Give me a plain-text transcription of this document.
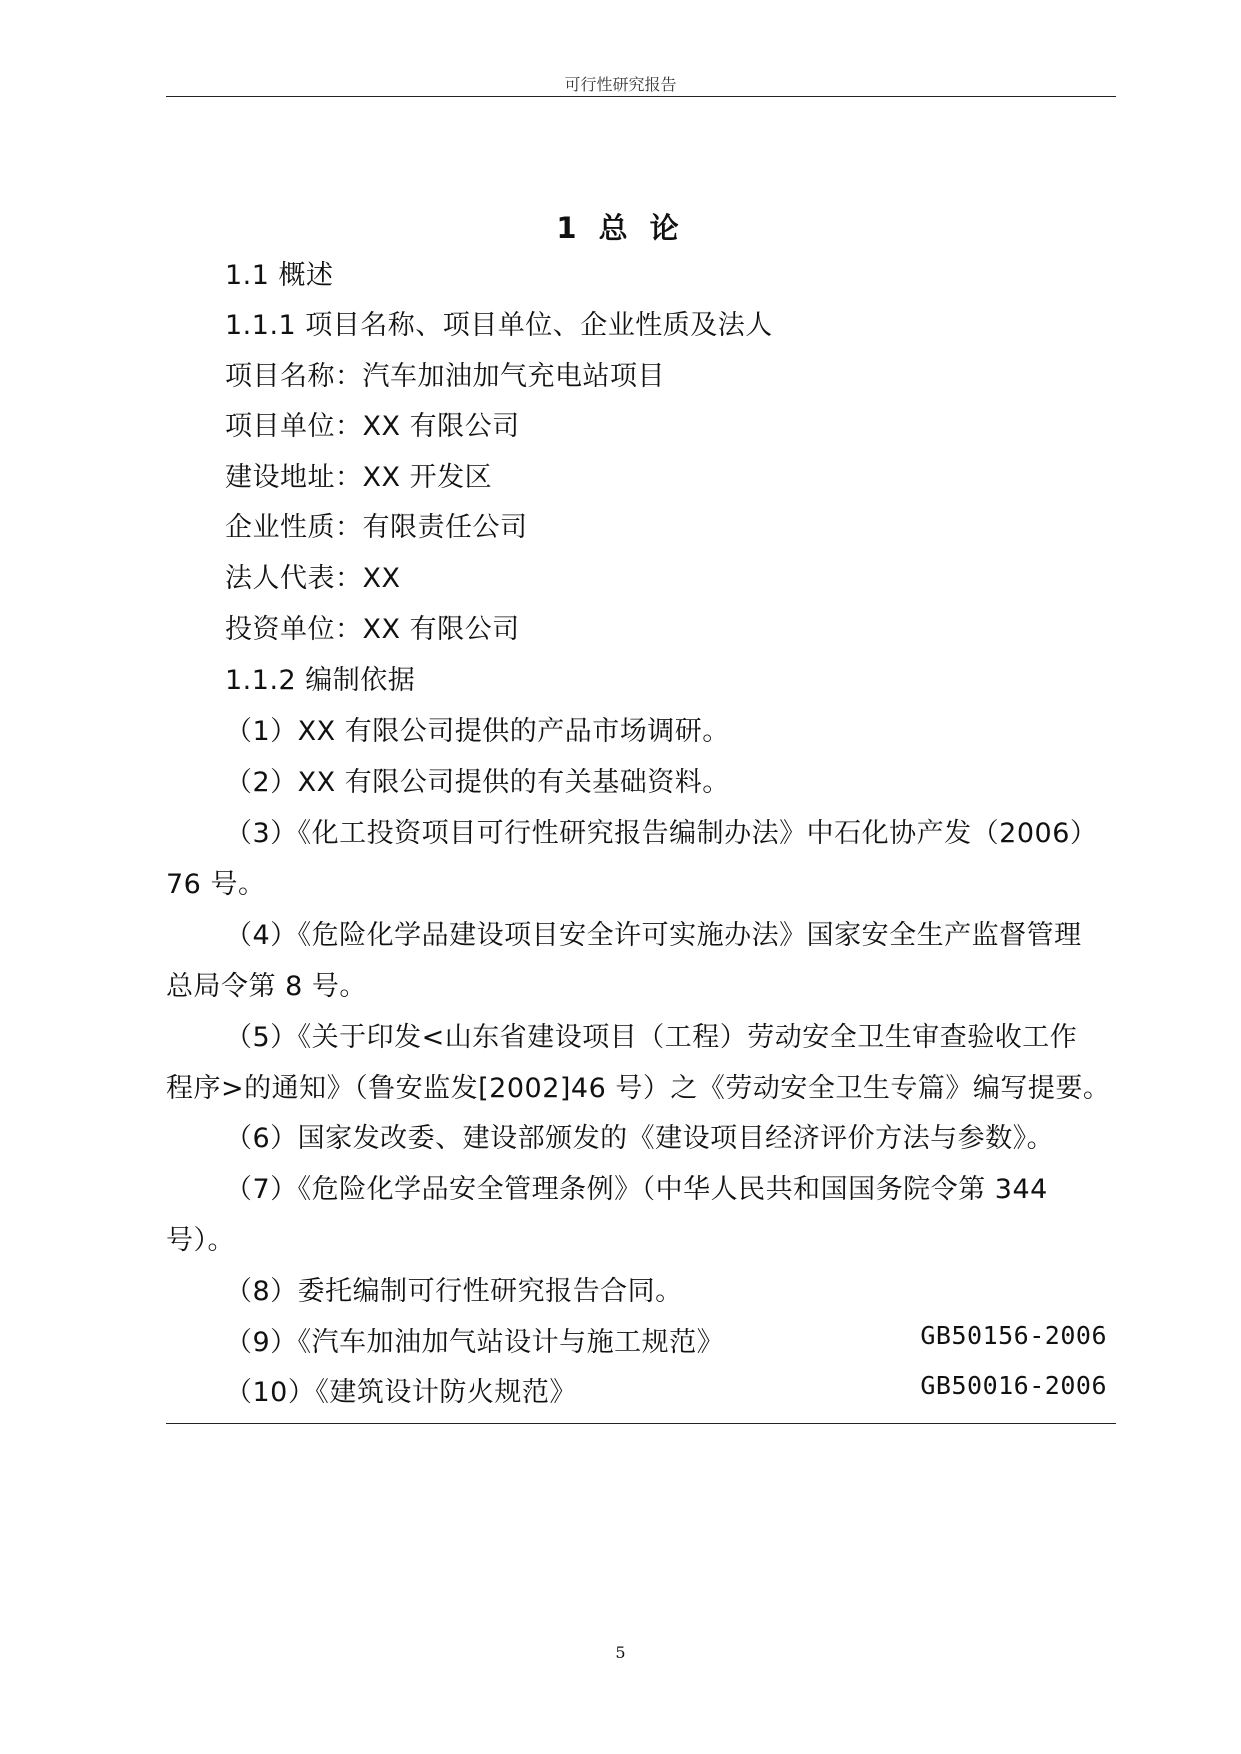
可行性研究报告
1 总 论
1.1 概述
1.1.1 项目名称、项目单位、企业性质及法人
项目名称：汽车加油加气充电站项目
项目单位：XX 有限公司
建设地址：XX 开发区
企业性质：有限责任公司
法人代表：XX
投资单位：XX 有限公司
1.1.2 编制依据
（1）XX 有限公司提供的产品市场调研。
（2）XX 有限公司提供的有关基础资料。
（3）《化工投资项目可行性研究报告编制办法》中石化协产发（2006）
76 号。
（4）《危险化学品建设项目安全许可实施办法》国家安全生产监督管理
总局令第 8 号。
（5）《关于印发<山东省建设项目（工程）劳动安全卫生审查验收工作
程序>的通知》（鲁安监发[2002]46 号）之《劳动安全卫生专篇》编写提要。
（6）国家发改委、建设部颁发的《建设项目经济评价方法与参数》。
（7）《危险化学品安全管理条例》（中华人民共和国国务院令第 344
号）。
（8）委托编制可行性研究报告合同。
（9）《汽车加油加气站设计与施工规范》	GB50156-2006
（10）《建筑设计防火规范》	GB50016-2006
5
